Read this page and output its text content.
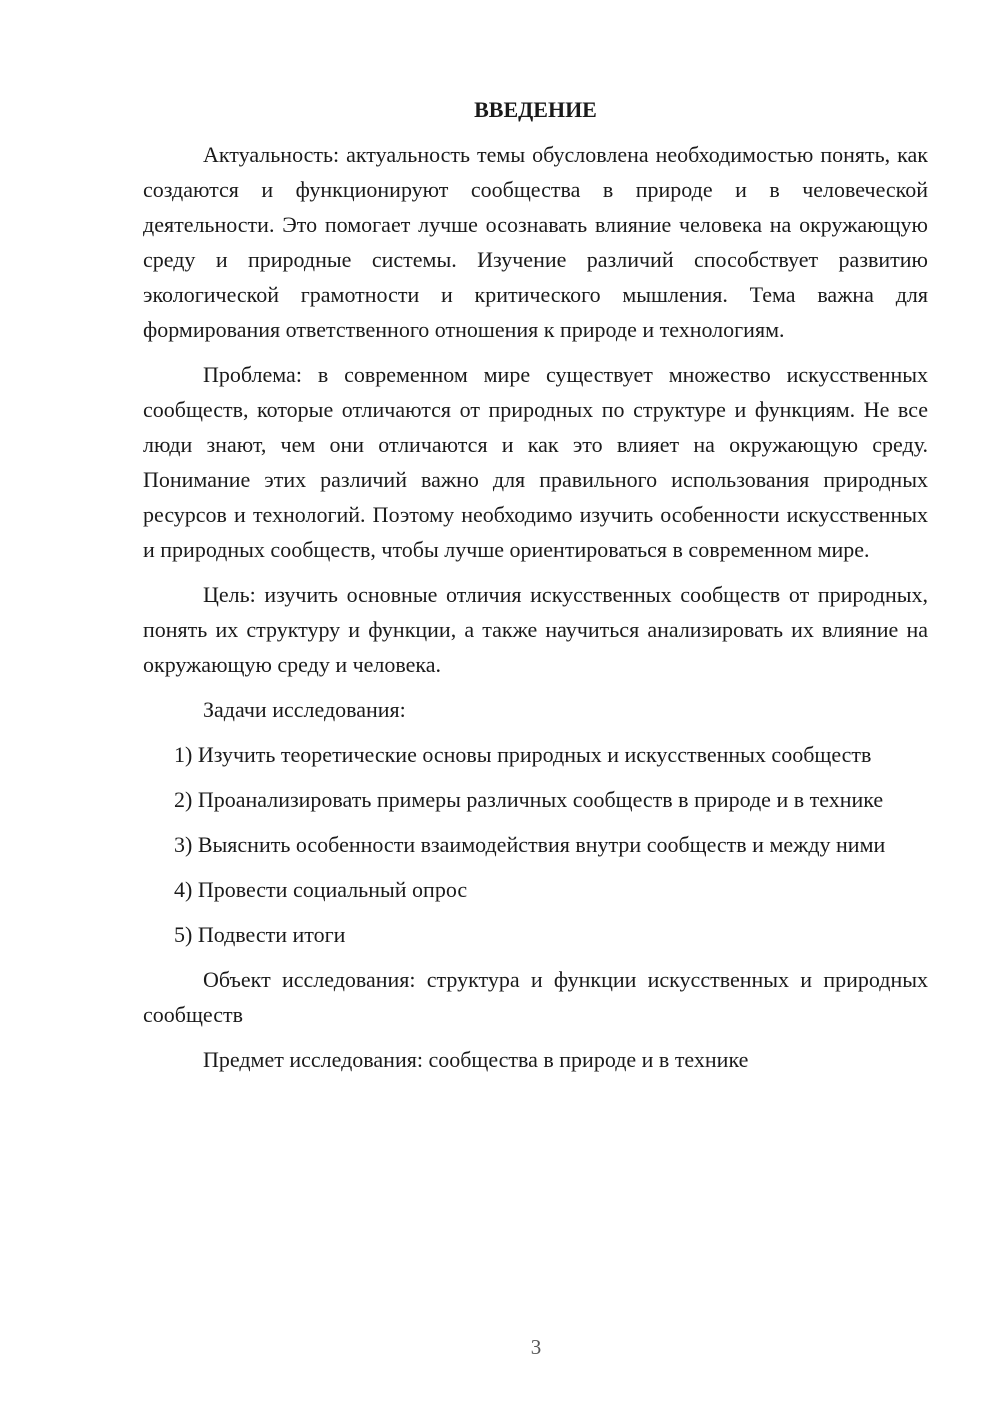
ВВЕДЕНИЕ

Актуальность: актуальность темы обусловлена необходимостью понять, как создаются и функционируют сообщества в природе и в человеческой деятельности. Это помогает лучше осознавать влияние человека на окружающую среду и природные системы. Изучение различий способствует развитию экологической грамотности и критического мышления. Тема важна для формирования ответственного отношения к природе и технологиям.

Проблема: в современном мире существует множество искусственных сообществ, которые отличаются от природных по структуре и функциям. Не все люди знают, чем они отличаются и как это влияет на окружающую среду. Понимание этих различий важно для правильного использования природных ресурсов и технологий. Поэтому необходимо изучить особенности искусственных и природных сообществ, чтобы лучше ориентироваться в современном мире.

Цель: изучить основные отличия искусственных сообществ от природных, понять их структуру и функции, а также научиться анализировать их влияние на окружающую среду и человека.

Задачи исследования:

1) Изучить теоретические основы природных и искусственных сообществ

2) Проанализировать примеры различных сообществ в природе и в технике

3) Выяснить особенности взаимодействия внутри сообществ и между ними

4) Провести социальный опрос

5) Подвести итоги

Объект исследования: структура и функции искусственных и природных сообществ

Предмет исследования: сообщества в природе и в технике

3
